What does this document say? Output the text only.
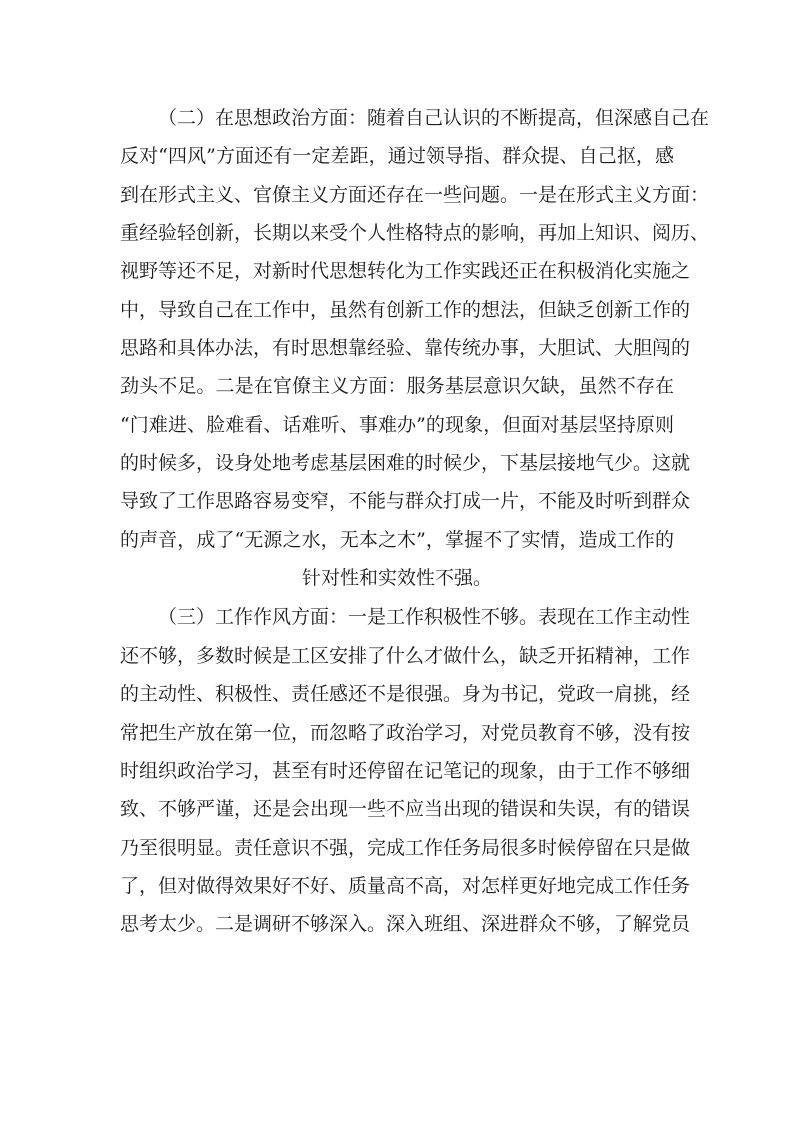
（二）在思想政治方面：随着自己认识的不断提高，但深感自己在
反对“四风”方面还有一定差距，通过领导指、群众提、自己抠，感
到在形式主义、官僚主义方面还存在一些问题。一是在形式主义方面：
重经验轻创新，长期以来受个人性格特点的影响，再加上知识、阅历、
视野等还不足，对新时代思想转化为工作实践还正在积极消化实施之
中，导致自己在工作中，虽然有创新工作的想法，但缺乏创新工作的
思路和具体办法，有时思想靠经验、靠传统办事，大胆试、大胆闯的
劲头不足。二是在官僚主义方面：服务基层意识欠缺，虽然不存在
“门难进、脸难看、话难听、事难办”的现象，但面对基层坚持原则
的时候多，设身处地考虑基层困难的时候少，下基层接地气少。这就
导致了工作思路容易变窄，不能与群众打成一片，不能及时听到群众
的声音，成了“无源之水，无本之木”，掌握不了实情，造成工作的
针对性和实效性不强。
（三）工作作风方面：一是工作积极性不够。表现在工作主动性
还不够，多数时候是工区安排了什么才做什么，缺乏开拓精神，工作
的主动性、积极性、责任感还不是很强。身为书记，党政一肩挑，经
常把生产放在第一位，而忽略了政治学习，对党员教育不够，没有按
时组织政治学习，甚至有时还停留在记笔记的现象，由于工作不够细
致、不够严谨，还是会出现一些不应当出现的错误和失误，有的错误
乃至很明显。责任意识不强，完成工作任务局很多时候停留在只是做
了，但对做得效果好不好、质量高不高，对怎样更好地完成工作任务
思考太少。二是调研不够深入。深入班组、深进群众不够，了解党员
